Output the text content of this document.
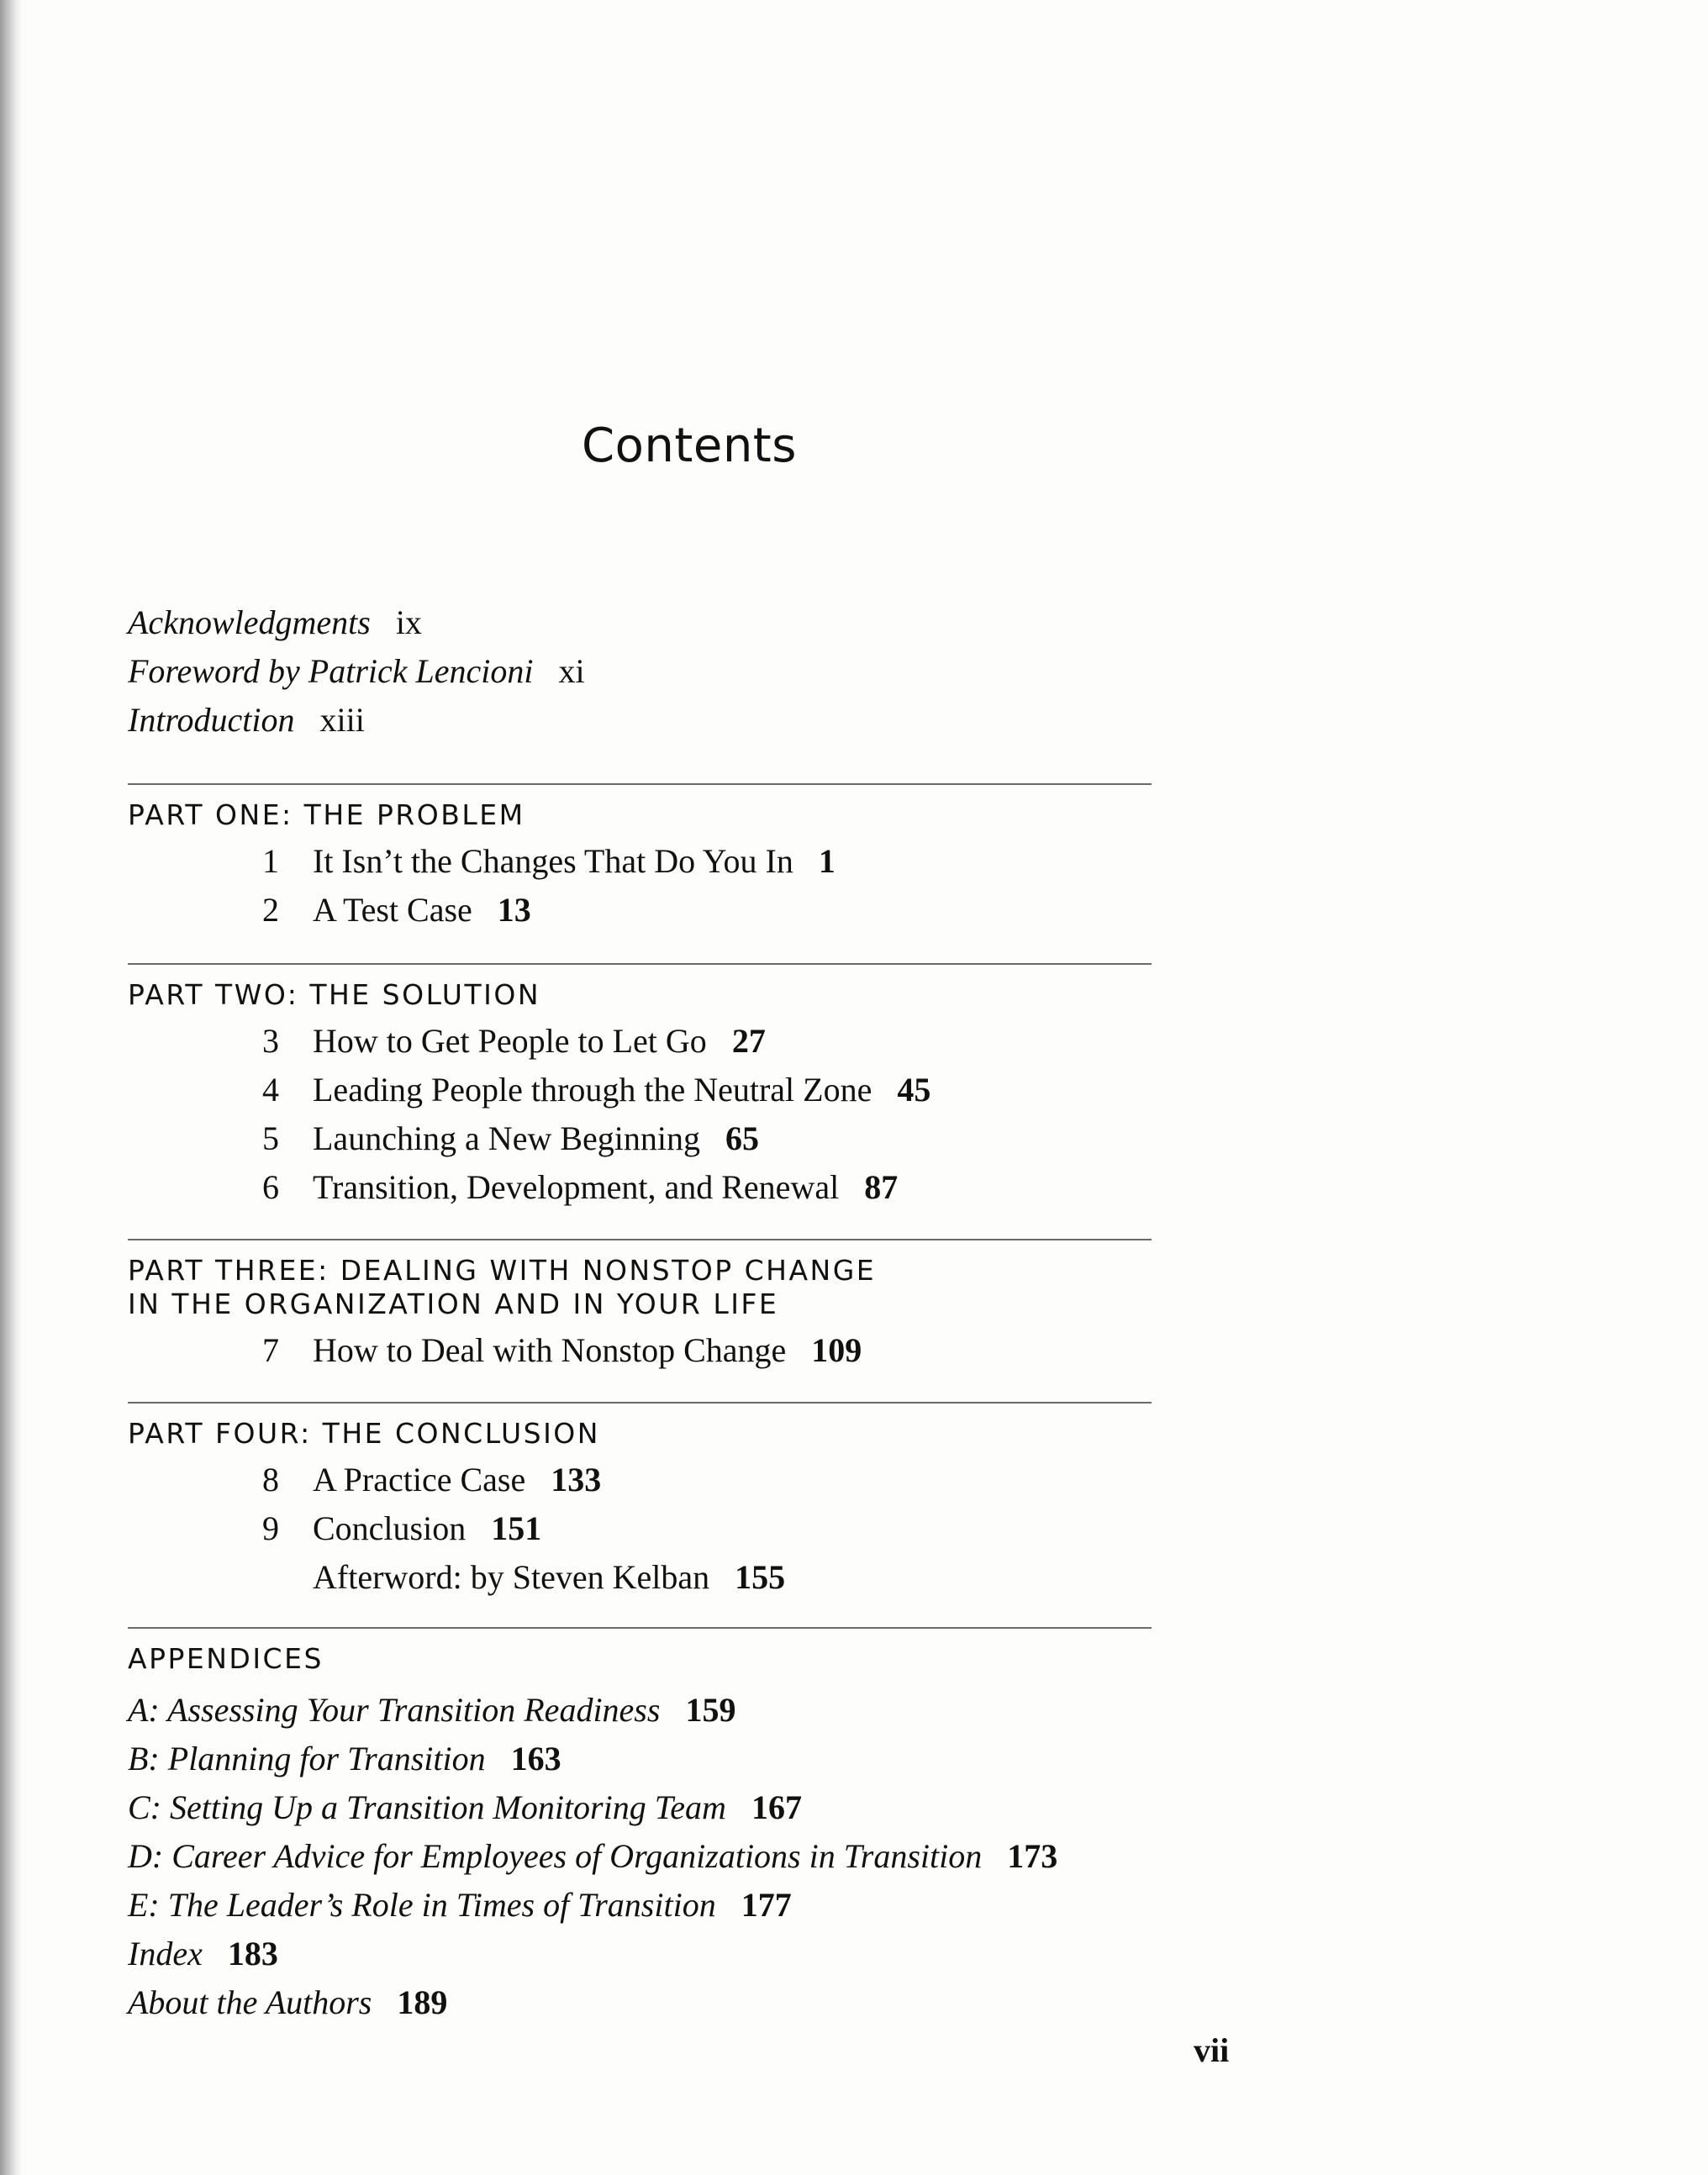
Contents
Acknowledgments ix
Foreword by Patrick Lencioni xi
Introduction xiii
PART ONE: THE PROBLEM
1 It Isn’t the Changes That Do You In 1
2 A Test Case 13
PART TWO: THE SOLUTION
3 How to Get People to Let Go 27
4 Leading People through the Neutral Zone 45
5 Launching a New Beginning 65
6 Transition, Development, and Renewal 87
PART THREE: DEALING WITH NONSTOP CHANGE
IN THE ORGANIZATION AND IN YOUR LIFE
7 How to Deal with Nonstop Change 109
PART FOUR: THE CONCLUSION
8 A Practice Case 133
9 Conclusion 151
Afterword: by Steven Kelban 155
APPENDICES
A: Assessing Your Transition Readiness 159
B: Planning for Transition 163
C: Setting Up a Transition Monitoring Team 167
D: Career Advice for Employees of Organizations in Transition 173
E: The Leader’s Role in Times of Transition 177
Index 183
About the Authors 189
vii
